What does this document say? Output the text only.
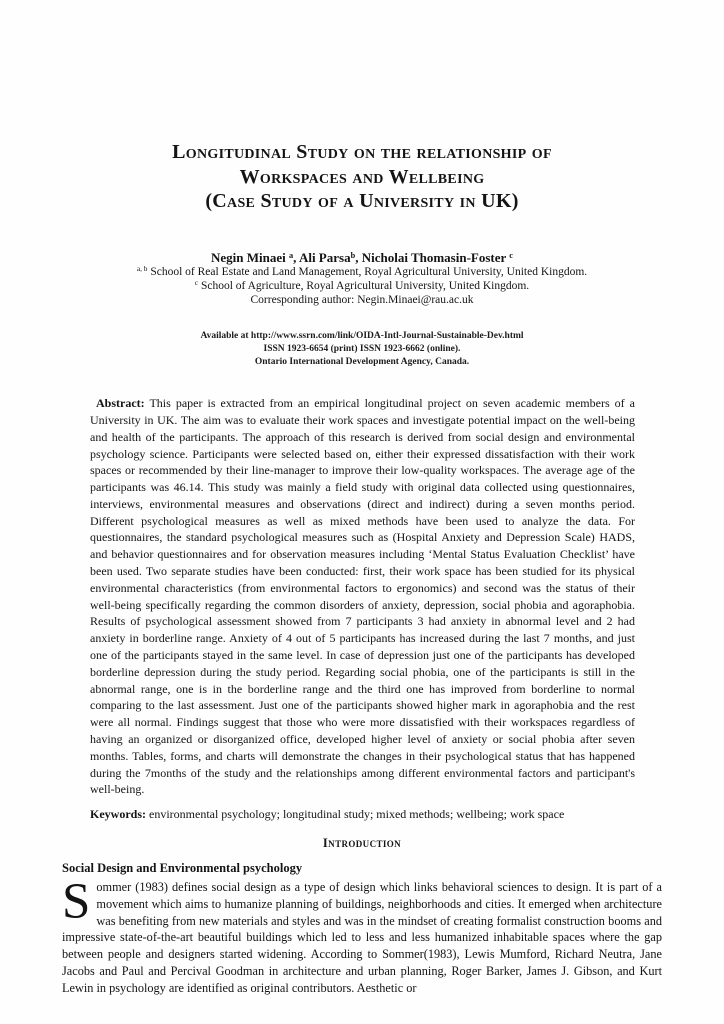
Longitudinal Study on the relationship of
Workspaces and Wellbeing
(Case Study of a University in UK)

Negin Minaei $^a$, Ali Parsa$^b$, Nicholai Thomasin-Foster $^c$

$^{a, b}$ School of Real Estate and Land Management, Royal Agricultural University, United Kingdom.
$^c$ School of Agriculture, Royal Agricultural University, United Kingdom.
Corresponding author: Negin.Minaei@rau.ac.uk
Available at http://www.ssrn.com/link/OIDA-Intl-Journal-Sustainable-Dev.html
ISSN 1923-6654 (print) ISSN 1923-6662 (online).
Ontario International Development Agency, Canada.

Abstract: This paper is extracted from an empirical longitudinal project on seven academic members of a University in UK. The aim was to evaluate their work spaces and investigate potential impact on the well-being and health of the participants. The approach of this research is derived from social design and environmental psychology science. Participants were selected based on, either their expressed dissatisfaction with their work spaces or recommended by their line-manager to improve their low-quality workspaces. The average age of the participants was 46.14. This study was mainly a field study with original data collected using questionnaires, interviews, environmental measures and observations (direct and indirect) during a seven months period. Different psychological measures as well as mixed methods have been used to analyze the data. For questionnaires, the standard psychological measures such as (Hospital Anxiety and Depression Scale) HADS, and behavior questionnaires and for observation measures including ‘Mental Status Evaluation Checklist’ have been used. Two separate studies have been conducted: first, their work space has been studied for its physical environmental characteristics (from environmental factors to ergonomics) and second was the status of their well-being specifically regarding the common disorders of anxiety, depression, social phobia and agoraphobia. Results of psychological assessment showed from 7 participants 3 had anxiety in abnormal level and 2 had anxiety in borderline range. Anxiety of 4 out of 5 participants has increased during the last 7 months, and just one of the participants stayed in the same level. In case of depression just one of the participants has developed borderline depression during the study period. Regarding social phobia, one of the participants is still in the abnormal range, one is in the borderline range and the third one has improved from borderline to normal comparing to the last assessment. Just one of the participants showed higher mark in agoraphobia and the rest were all normal. Findings suggest that those who were more dissatisfied with their workspaces regardless of having an organized or disorganized office, developed higher level of anxiety or social phobia after seven months. Tables, forms, and charts will demonstrate the changes in their psychological status that has happened during the 7months of the study and the relationships among different environmental factors and participant's well-being.

Keywords: environmental psychology; longitudinal study; mixed methods; wellbeing; work space

Introduction
Social Design and Environmental psychology

Sommer (1983) defines social design as a type of design which links behavioral sciences to design. It is part of a movement which aims to humanize planning of buildings, neighborhoods and cities. It emerged when architecture was benefiting from new materials and styles and was in the mindset of creating formalist construction booms and impressive state-of-the-art beautiful buildings which led to less and less humanized inhabitable spaces where the gap between people and designers started widening. According to Sommer(1983), Lewis Mumford, Richard Neutra, Jane Jacobs and Paul and Percival Goodman in architecture and urban planning, Roger Barker, James J. Gibson, and Kurt Lewin in psychology are identified as original contributors. Aesthetic or
